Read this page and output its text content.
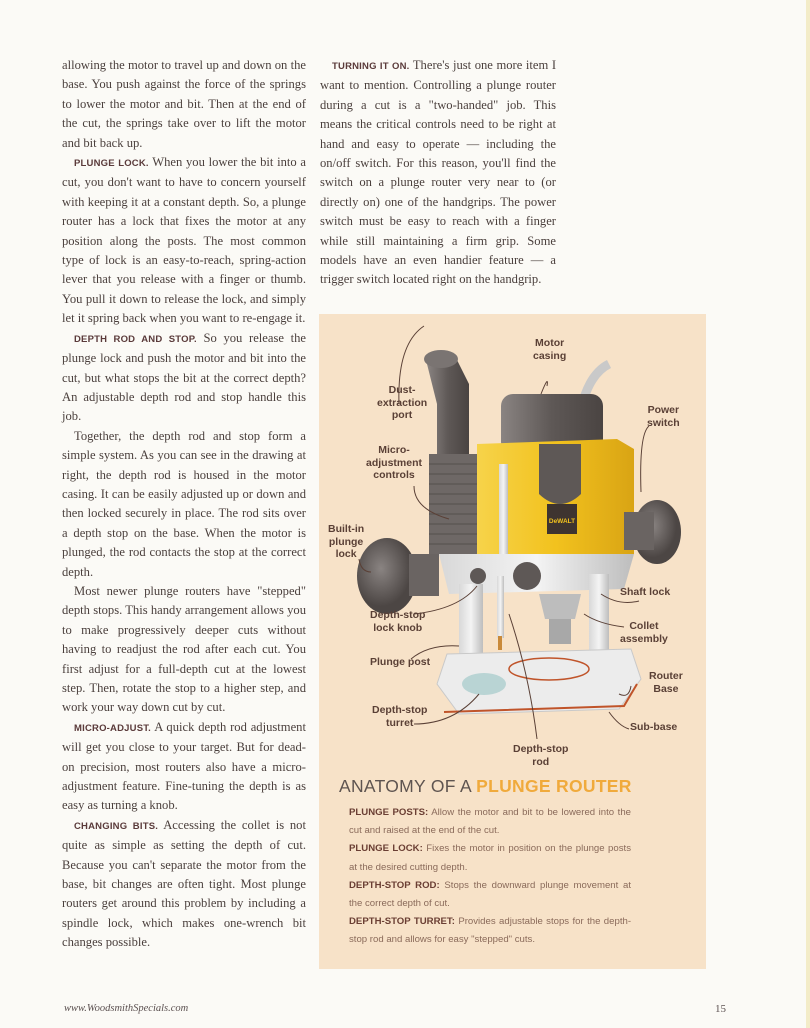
allowing the motor to travel up and down on the base. You push against the force of the springs to lower the motor and bit. Then at the end of the cut, the springs take over to lift the motor and bit back up.

PLUNGE LOCK. When you lower the bit into a cut, you don't want to have to concern yourself with keeping it at a constant depth. So, a plunge router has a lock that fixes the motor at any position along the posts. The most common type of lock is an easy-to-reach, spring-action lever that you release with a finger or thumb. You pull it down to release the lock, and simply let it spring back when you want to re-engage it.

DEPTH ROD AND STOP. So you release the plunge lock and push the motor and bit into the cut, but what stops the bit at the correct depth? An adjustable depth rod and stop handle this job.

Together, the depth rod and stop form a simple system. As you can see in the drawing at right, the depth rod is housed in the motor casing. It can be easily adjusted up or down and then locked securely in place. The rod sits over a depth stop on the base. When the motor is plunged, the rod contacts the stop at the correct depth.

Most newer plunge routers have "stepped" depth stops. This handy arrangement allows you to make progressively deeper cuts without having to readjust the rod after each cut. You first adjust for a full-depth cut at the lowest step. Then, rotate the stop to a higher step, and work your way down cut by cut.

MICRO-ADJUST. A quick depth rod adjustment will get you close to your target. But for dead-on precision, most routers also have a micro-adjustment feature. Fine-tuning the depth is as easy as turning a knob.

CHANGING BITS. Accessing the collet is not quite as simple as setting the depth of cut. Because you can't separate the motor from the base, bit changes are often tight. Most plunge routers get around this problem by including a spindle lock, which makes one-wrench bit changes possible.

TURNING IT ON. There's just one more item I want to mention. Controlling a plunge router during a cut is a "two-handed" job. This means the critical controls need to be right at hand and easy to operate — including the on/off switch. For this reason, you'll find the switch on a plunge router very near to (or directly on) one of the handgrips. The power switch must be easy to reach with a finger while still maintaining a firm grip. Some models have an even handier feature — a trigger switch located right on the handgrip.

DeWALT
Dust-
extraction
port
Motor
casing
Power
switch
Micro-
adjustment
controls
Built-in
plunge
lock
Shaft lock
Depth-stop
lock knob	Collet
assembly
Plunge post
Router
Base
Depth-stop
turret	Sub-base
Depth-stop
rod
ANATOMY OF A PLUNGE ROUTER
PLUNGE POSTS: Allow the motor and bit to be lowered into the cut and raised at the end of the cut.
PLUNGE LOCK: Fixes the motor in position on the plunge posts at the desired cutting depth.
DEPTH-STOP ROD: Stops the downward plunge movement at the correct depth of cut.
DEPTH-STOP TURRET: Provides adjustable stops for the depth-stop rod and allows for easy "stepped" cuts.
www.WoodsmithSpecials.com	15
